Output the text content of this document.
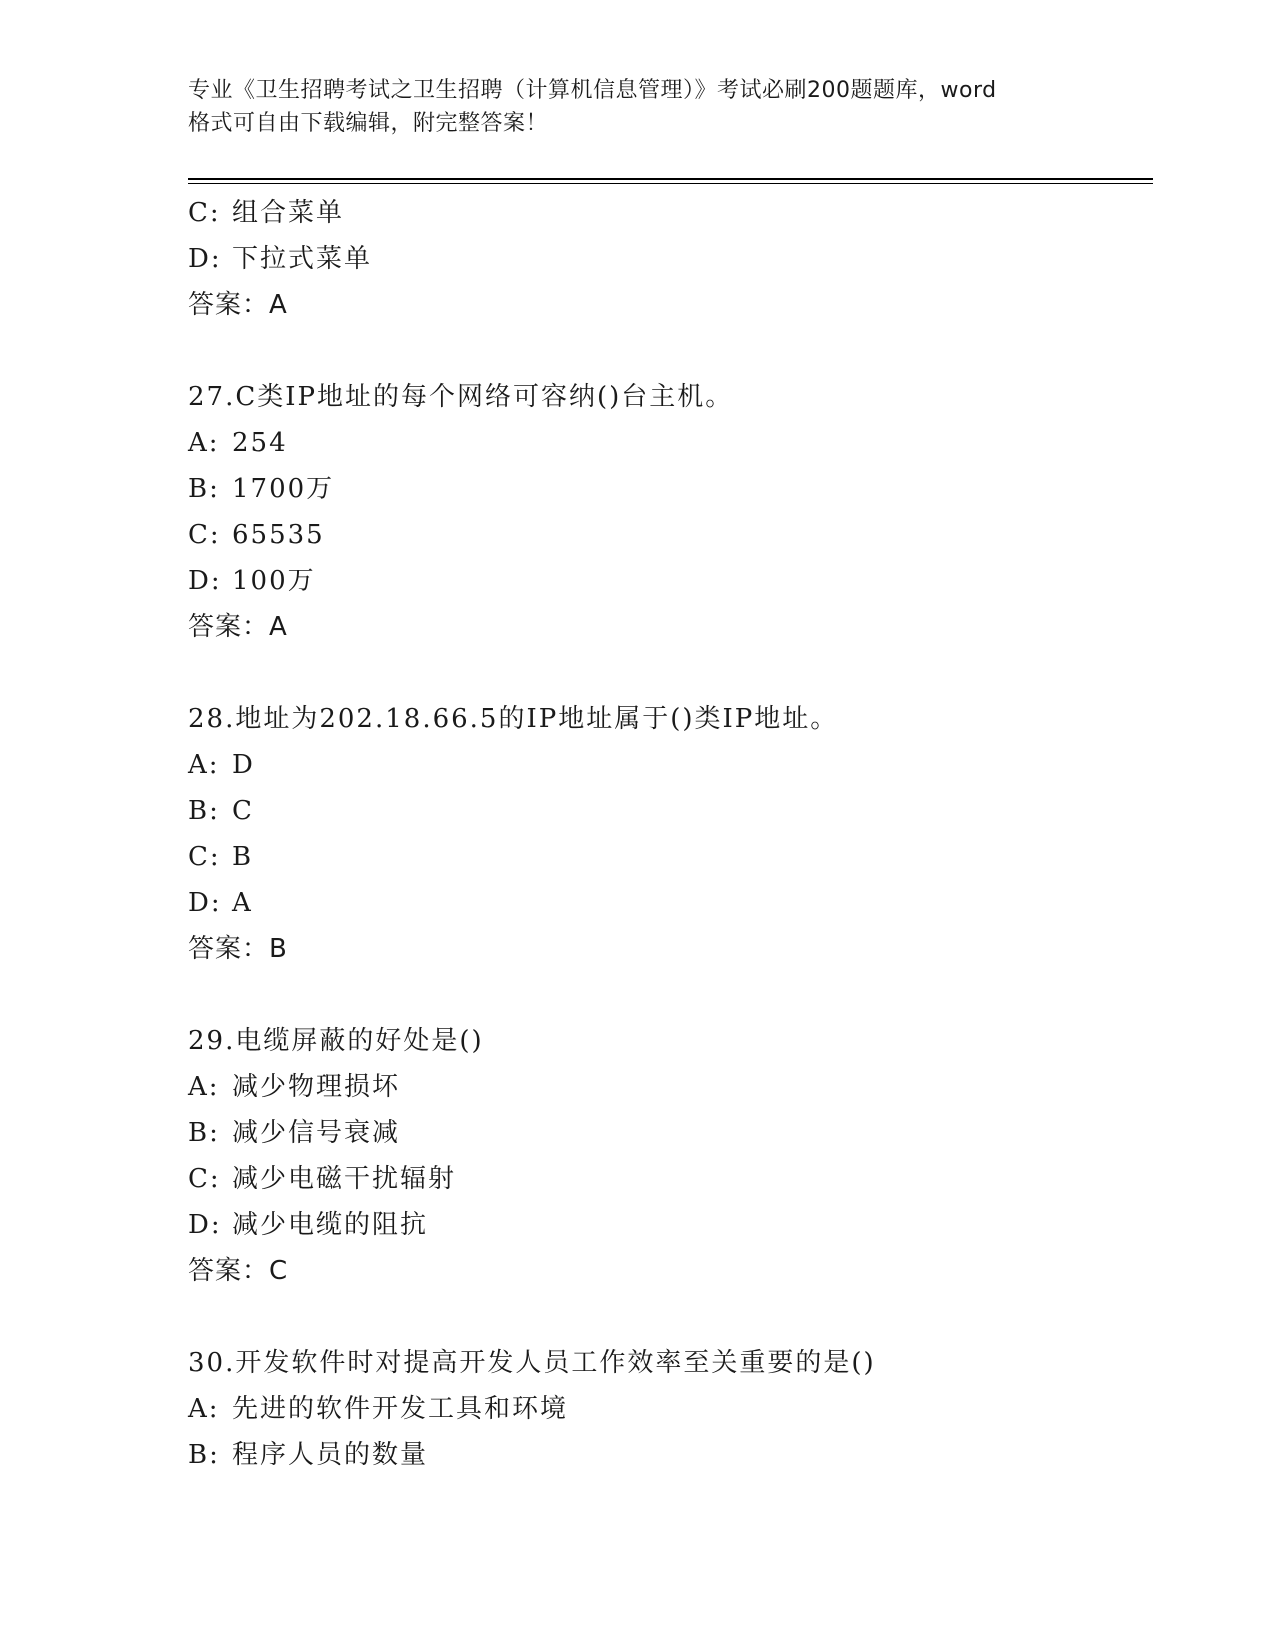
专业《卫生招聘考试之卫生招聘（计算机信息管理）》考试必刷200题题库，word
格式可自由下载编辑，附完整答案！
C: 组合菜单
D: 下拉式菜单
答案：A
27.C类IP地址的每个网络可容纳()台主机。
A: 254
B: 1700万
C: 65535
D: 100万
答案：A
28.地址为202.18.66.5的IP地址属于()类IP地址。
A: D
B: C
C: B
D: A
答案：B
29.电缆屏蔽的好处是()
A: 减少物理损坏
B: 减少信号衰减
C: 减少电磁干扰辐射
D: 减少电缆的阻抗
答案：C
30.开发软件时对提高开发人员工作效率至关重要的是()
A: 先进的软件开发工具和环境
B: 程序人员的数量
